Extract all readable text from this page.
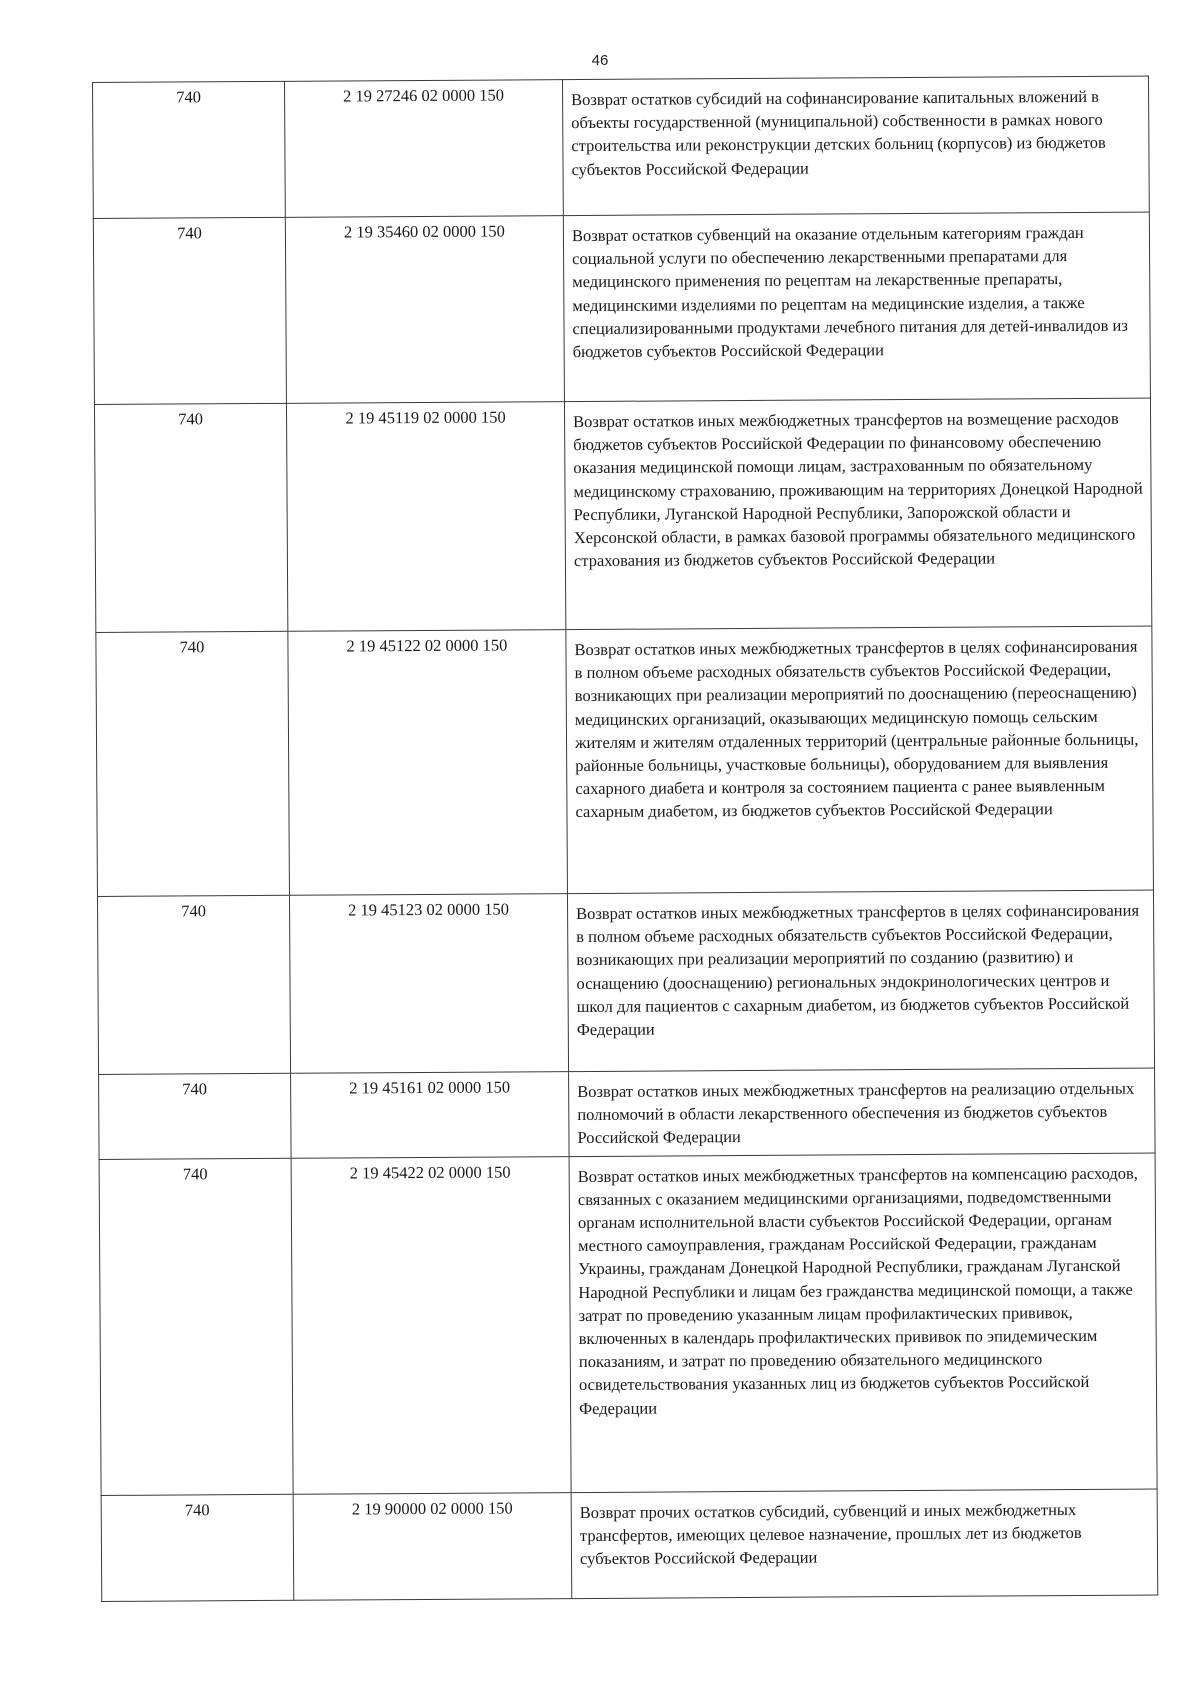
46
740	2 19 27246 02 0000 150	Возврат остатков субсидий на софинансирование капитальных вложений в объекты государственной (муниципальной) собственности в рамках нового строительства или реконструкции детских больниц (корпусов) из бюджетов субъектов Российской Федерации
740	2 19 35460 02 0000 150	Возврат остатков субвенций на оказание отдельным категориям граждан социальной услуги по обеспечению лекарственными препаратами для медицинского применения по рецептам на лекарственные препараты, медицинскими изделиями по рецептам на медицинские изделия, а также специализированными продуктами лечебного питания для детей-инвалидов из бюджетов субъектов Российской Федерации
740	2 19 45119 02 0000 150	Возврат остатков иных межбюджетных трансфертов на возмещение расходов бюджетов субъектов Российской Федерации по финансовому обеспечению оказания медицинской помощи лицам, застрахованным по обязательному медицинскому страхованию, проживающим на территориях Донецкой Народной Республики, Луганской Народной Республики, Запорожской области и Херсонской области, в рамках базовой программы обязательного медицинского страхования из бюджетов субъектов Российской Федерации
740	2 19 45122 02 0000 150	Возврат остатков иных межбюджетных трансфертов в целях софинансирования в полном объеме расходных обязательств субъектов Российской Федерации, возникающих при реализации мероприятий по дооснащению (переоснащению) медицинских организаций, оказывающих медицинскую помощь сельским жителям и жителям отдаленных территорий (центральные районные больницы, районные больницы, участковые больницы), оборудованием для выявления сахарного диабета и контроля за состоянием пациента с ранее выявленным сахарным диабетом, из бюджетов субъектов Российской Федерации
740	2 19 45123 02 0000 150	Возврат остатков иных межбюджетных трансфертов в целях софинансирования в полном объеме расходных обязательств субъектов Российской Федерации, возникающих при реализации мероприятий по созданию (развитию) и оснащению (дооснащению) региональных эндокринологических центров и школ для пациентов с сахарным диабетом, из бюджетов субъектов Российской Федерации
740	2 19 45161 02 0000 150	Возврат остатков иных межбюджетных трансфертов на реализацию отдельных полномочий в области лекарственного обеспечения из бюджетов субъектов Российской Федерации
740	2 19 45422 02 0000 150	Возврат остатков иных межбюджетных трансфертов на компенсацию расходов, связанных с оказанием медицинскими организациями, подведомственными органам исполнительной власти субъектов Российской Федерации, органам местного самоуправления, гражданам Российской Федерации, гражданам Украины, гражданам Донецкой Народной Республики, гражданам Луганской Народной Республики и лицам без гражданства медицинской помощи, а также затрат по проведению указанным лицам профилактических прививок, включенных в календарь профилактических прививок по эпидемическим показаниям, и затрат по проведению обязательного медицинского освидетельствования указанных лиц из бюджетов субъектов Российской Федерации
740	2 19 90000 02 0000 150	Возврат прочих остатков субсидий, субвенций и иных межбюджетных трансфертов, имеющих целевое назначение, прошлых лет из бюджетов субъектов Российской Федерации
